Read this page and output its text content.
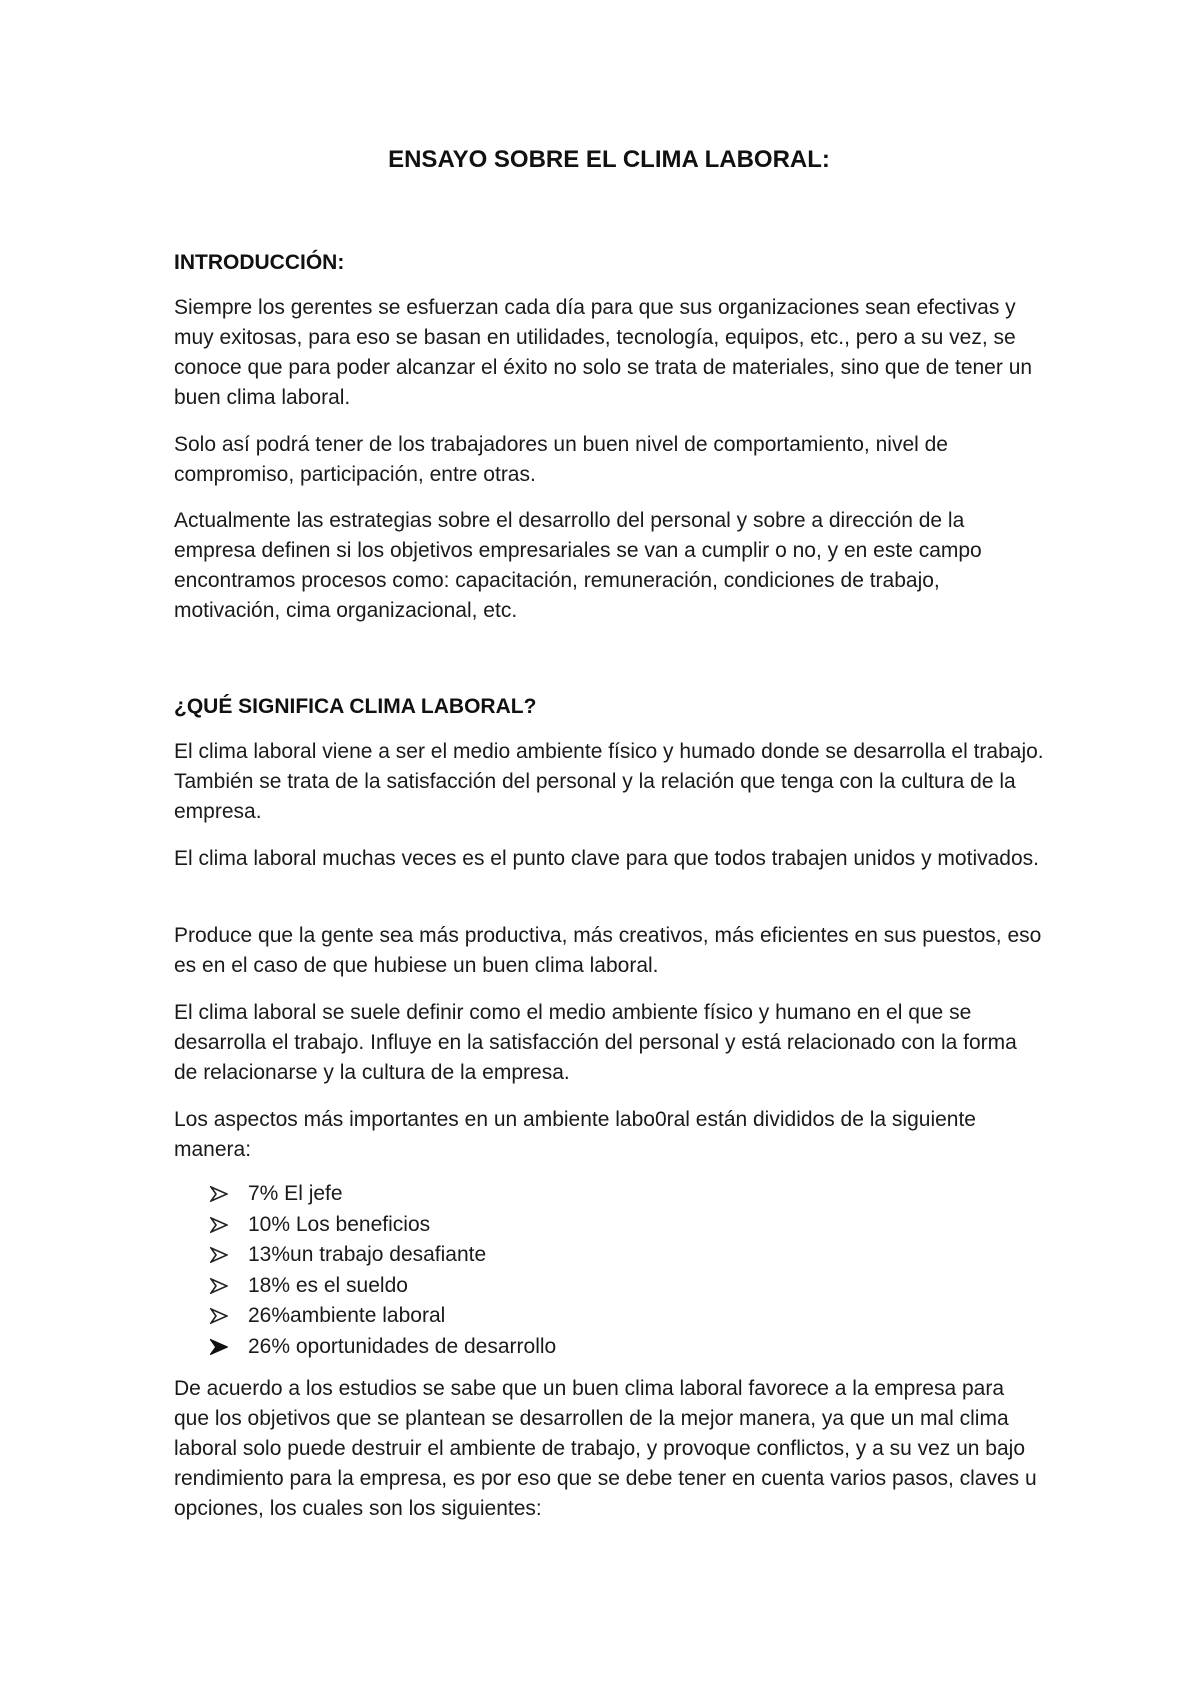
ENSAYO SOBRE EL CLIMA LABORAL:
INTRODUCCIÓN:

Siempre los gerentes se esfuerzan cada día para que sus organizaciones sean efectivas y muy exitosas, para eso se basan en utilidades, tecnología, equipos, etc., pero a su vez, se conoce que para poder alcanzar el éxito no solo se trata de materiales, sino que de tener un buen clima laboral.

Solo así podrá tener de los trabajadores un buen nivel de comportamiento, nivel de compromiso, participación, entre otras.

Actualmente las estrategias sobre el desarrollo del personal y sobre a dirección de la empresa definen si los objetivos empresariales se van a cumplir o no, y en este campo encontramos procesos como: capacitación, remuneración, condiciones de trabajo, motivación, cima organizacional, etc.

¿QUÉ SIGNIFICA CLIMA LABORAL?

El clima laboral viene a ser el medio ambiente físico y humado donde se desarrolla el trabajo. También se trata de la satisfacción del personal y la relación que tenga con la cultura de la empresa.

El clima laboral muchas veces es el punto clave para que todos trabajen unidos y motivados.

Produce que la gente sea más productiva, más creativos, más eficientes en sus puestos, eso es en el caso de que hubiese un buen clima laboral.

El clima laboral se suele definir como el medio ambiente físico y humano en el que se desarrolla el trabajo. Influye en la satisfacción del personal y está relacionado con la forma de relacionarse y la cultura de la empresa.

Los aspectos más importantes en un ambiente labo0ral están divididos de la siguiente manera:

7% El jefe
10% Los beneficios
13%un trabajo desafiante
18% es el sueldo
26%ambiente laboral
26% oportunidades de desarrollo

De acuerdo a los estudios se sabe que un buen clima laboral favorece a la empresa para que los objetivos que se plantean se desarrollen de la mejor manera, ya que un mal clima laboral solo puede destruir el ambiente de trabajo, y provoque conflictos, y a su vez un bajo rendimiento para la empresa, es por eso que se debe tener en cuenta varios pasos, claves u opciones, los cuales son los siguientes:
